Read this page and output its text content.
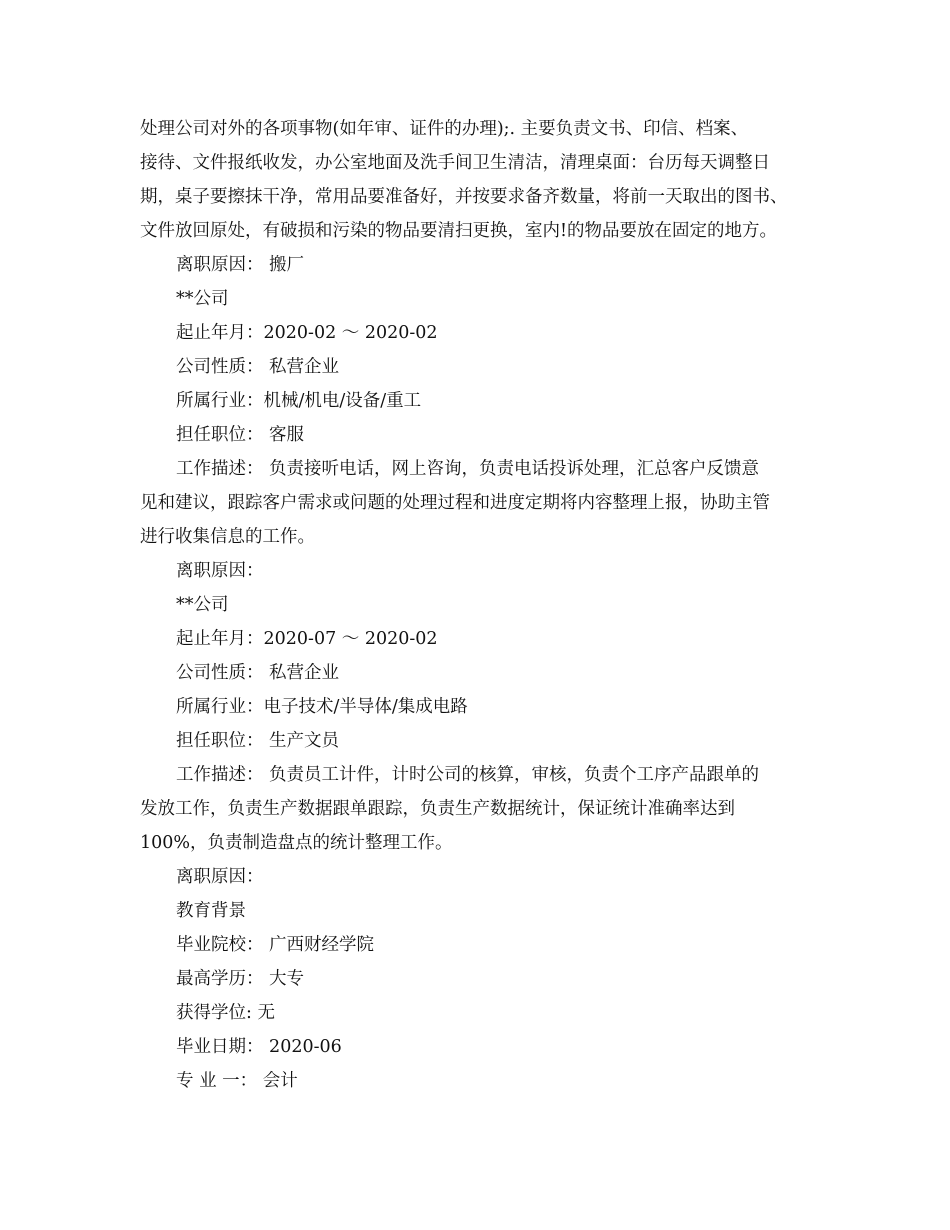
处理公司对外的各项事物(如年审、证件的办理);. 主要负责文书、印信、档案、
接待、文件报纸收发，办公室地面及洗手间卫生清洁，清理桌面：台历每天调整日
期，桌子要擦抹干净，常用品要准备好，并按要求备齐数量，将前一天取出的图书、
文件放回原处，有破损和污染的物品要清扫更换，室内!的物品要放在固定的地方。
离职原因： 搬厂
**公司
起止年月：2020-02 ～ 2020-02
公司性质： 私营企业
所属行业：机械/机电/设备/重工
担任职位： 客服
工作描述： 负责接听电话，网上咨询，负责电话投诉处理，汇总客户反馈意
见和建议，跟踪客户需求或问题的处理过程和进度定期将内容整理上报，协助主管
进行收集信息的工作。
离职原因：
**公司
起止年月：2020-07 ～ 2020-02
公司性质： 私营企业
所属行业：电子技术/半导体/集成电路
担任职位： 生产文员
工作描述： 负责员工计件，计时公司的核算，审核，负责个工序产品跟单的
发放工作，负责生产数据跟单跟踪，负责生产数据统计，保证统计准确率达到
100%，负责制造盘点的统计整理工作。
离职原因：
教育背景
毕业院校： 广西财经学院
最高学历： 大专
获得学位: 无
毕业日期： 2020-06
专 业 一： 会计
